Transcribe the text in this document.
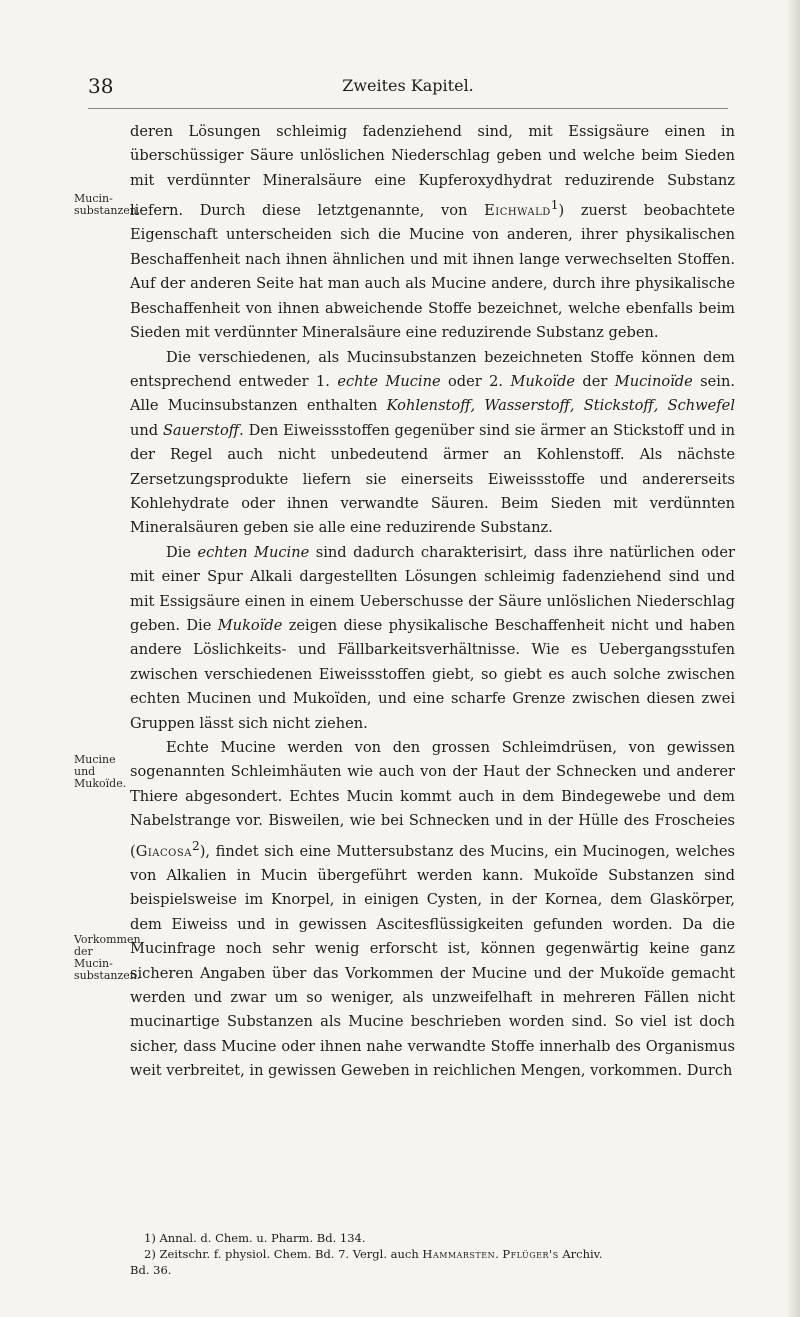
38	Zweites Kapitel.
Mucin-substanzen.
Mucine und Mukoïde.
Vorkommen der Mucin-substanzen.

deren Lösungen schleimig fadenziehend sind, mit Essigsäure einen in überschüssiger Säure unlöslichen Niederschlag geben und welche beim Sieden mit verdünnter Mineralsäure eine Kupferoxydhydrat reduzirende Substanz liefern. Durch diese letztgenannte, von Eichwald$^1$) zuerst beobachtete Eigenschaft unterscheiden sich die Mucine von anderen, ihrer physikalischen Beschaffenheit nach ihnen ähnlichen und mit ihnen lange verwechselten Stoffen. Auf der anderen Seite hat man auch als Mucine andere, durch ihre physikalische Beschaffenheit von ihnen abweichende Stoffe bezeichnet, welche ebenfalls beim Sieden mit verdünnter Mineralsäure eine reduzirende Substanz geben.

Die verschiedenen, als Mucinsubstanzen bezeichneten Stoffe können dem entsprechend entweder 1. echte Mucine oder 2. Mukoïde der Mucinoïde sein. Alle Mucinsubstanzen enthalten Kohlenstoff, Wasserstoff, Stickstoff, Schwefel und Sauerstoff. Den Eiweissstoffen gegenüber sind sie ärmer an Stickstoff und in der Regel auch nicht unbedeutend ärmer an Kohlenstoff. Als nächste Zersetzungsprodukte liefern sie einerseits Eiweissstoffe und andererseits Kohlehydrate oder ihnen verwandte Säuren. Beim Sieden mit verdünnten Mineralsäuren geben sie alle eine reduzirende Substanz.

Die echten Mucine sind dadurch charakterisirt, dass ihre natürlichen oder mit einer Spur Alkali dargestellten Lösungen schleimig fadenziehend sind und mit Essigsäure einen in einem Ueberschusse der Säure unlöslichen Niederschlag geben. Die Mukoïde zeigen diese physikalische Beschaffenheit nicht und haben andere Löslichkeits- und Fällbarkeitsverhältnisse. Wie es Uebergangsstufen zwischen verschiedenen Eiweissstoffen giebt, so giebt es auch solche zwischen echten Mucinen und Mukoïden, und eine scharfe Grenze zwischen diesen zwei Gruppen lässt sich nicht ziehen.

Echte Mucine werden von den grossen Schleimdrüsen, von gewissen sogenannten Schleimhäuten wie auch von der Haut der Schnecken und anderer Thiere abgesondert. Echtes Mucin kommt auch in dem Bindegewebe und dem Nabelstrange vor. Bisweilen, wie bei Schnecken und in der Hülle des Froscheies (Giacosa$^2$), findet sich eine Muttersubstanz des Mucins, ein Mucinogen, welches von Alkalien in Mucin übergeführt werden kann. Mukoïde Substanzen sind beispielsweise im Knorpel, in einigen Cysten, in der Kornea, dem Glaskörper, dem Eiweiss und in gewissen Ascitesflüssigkeiten gefunden worden. Da die Mucinfrage noch sehr wenig erforscht ist, können gegenwärtig keine ganz sicheren Angaben über das Vorkommen der Mucine und der Mukoïde gemacht werden und zwar um so weniger, als unzweifelhaft in mehreren Fällen nicht mucinartige Substanzen als Mucine beschrieben worden sind. So viel ist doch sicher, dass Mucine oder ihnen nahe verwandte Stoffe innerhalb des Organismus weit verbreitet, in gewissen Geweben in reichlichen Mengen, vorkommen. Durch

1) Annal. d. Chem. u. Pharm. Bd. 134.
2) Zeitschr. f. physiol. Chem. Bd. 7. Vergl. auch Hammarsten. Pflüger's Archiv.
Bd. 36.
